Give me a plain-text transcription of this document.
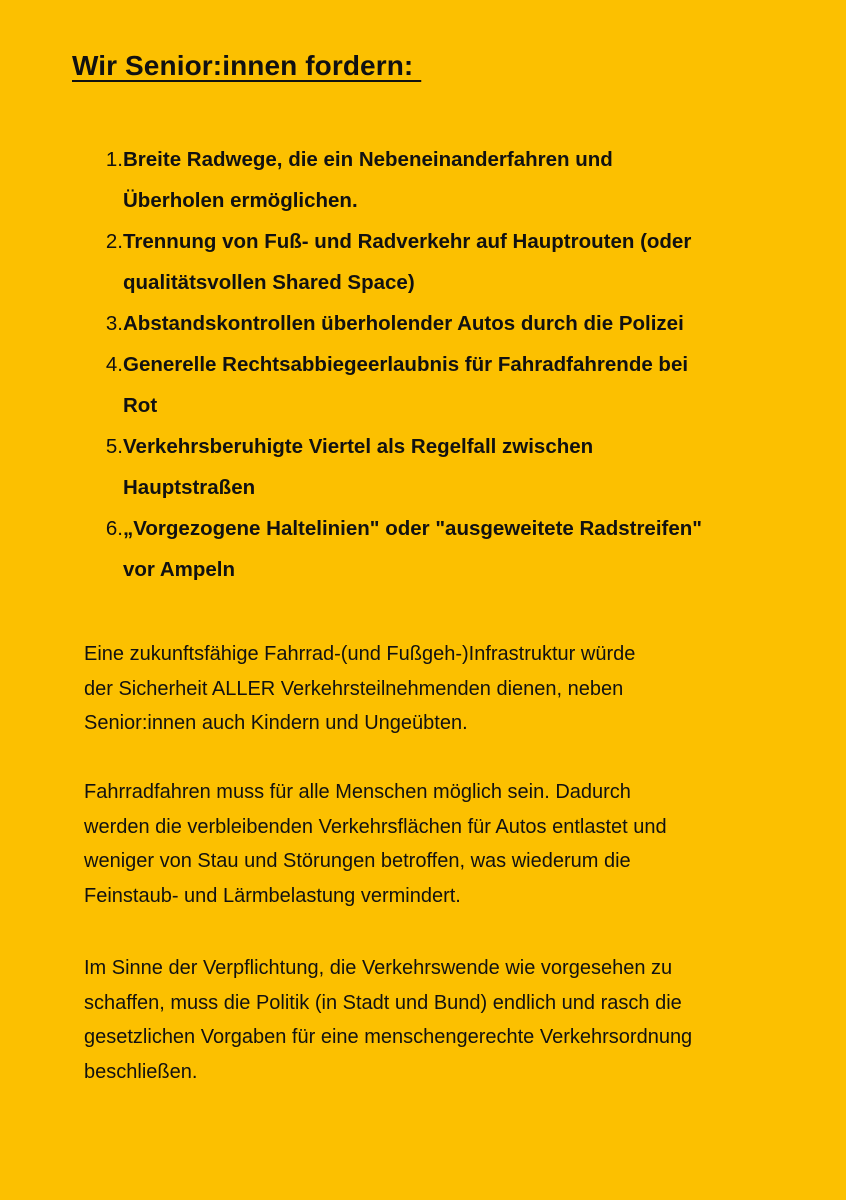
Wir Senior:innen fordern:
1. Breite Radwege, die ein Nebeneinanderfahren und
Überholen ermöglichen.
2. Trennung von Fuß- und Radverkehr auf Hauptrouten (oder
qualitätsvollen Shared Space)
3. Abstandskontrollen überholender Autos durch die Polizei
4. Generelle Rechtsabbiegeerlaubnis für Fahradfahrende bei
Rot
5. Verkehrsberuhigte Viertel als Regelfall zwischen
Hauptstraßen
6. „Vorgezogene Haltelinien" oder "ausgeweitete Radstreifen"
vor Ampeln

Eine zukunftsfähige Fahrrad-(und Fußgeh-)Infrastruktur würde
der Sicherheit ALLER Verkehrsteilnehmenden dienen, neben
Senior:innen auch Kindern und Ungeübten.

Fahrradfahren muss für alle Menschen möglich sein. Dadurch
werden die verbleibenden Verkehrsflächen für Autos entlastet und
weniger von Stau und Störungen betroffen, was wiederum die
Feinstaub- und Lärmbelastung vermindert.

Im Sinne der Verpflichtung, die Verkehrswende wie vorgesehen zu
schaffen, muss die Politik (in Stadt und Bund) endlich und rasch die
gesetzlichen Vorgaben für eine menschengerechte Verkehrsordnung
beschließen.
